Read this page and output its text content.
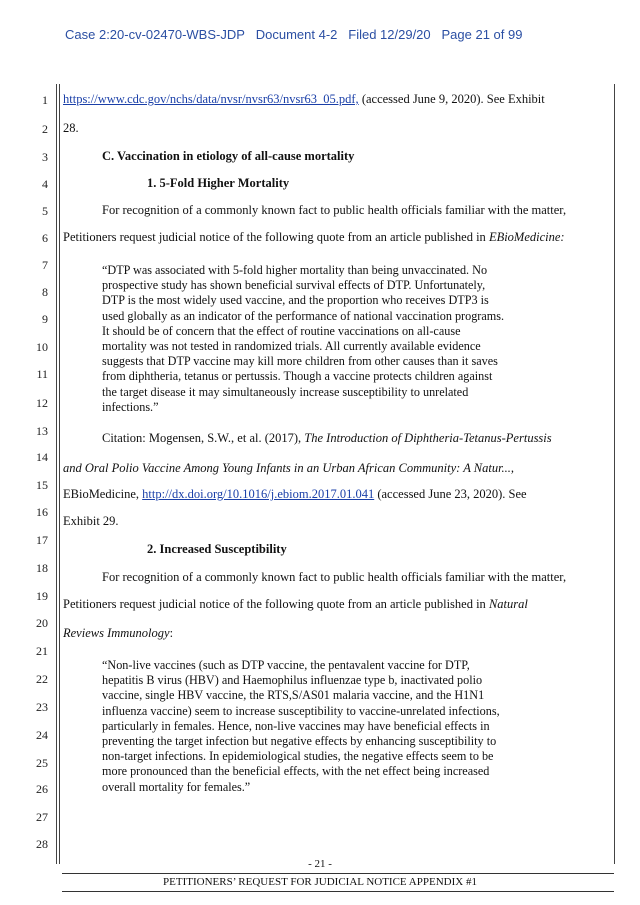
Case 2:20-cv-02470-WBS-JDP Document 4-2 Filed 12/29/20 Page 21 of 99
1
2
3
4
5
6
7
8
9
10
11
12
13
14
15
16
17
18
19
20
21
22
23
24
25
26
27
28
https://www.cdc.gov/nchs/data/nvsr/nvsr63/nvsr63_05.pdf, (accessed June 9, 2020). See Exhibit
28.
C. Vaccination in etiology of all-cause mortality
1. 5-Fold Higher Mortality
For recognition of a commonly known fact to public health officials familiar with the matter,
Petitioners request judicial notice of the following quote from an article published in EBioMedicine:
“DTP was associated with 5-fold higher mortality than being unvaccinated. No
prospective study has shown beneficial survival effects of DTP. Unfortunately,
DTP is the most widely used vaccine, and the proportion who receives DTP3 is
used globally as an indicator of the performance of national vaccination programs.
It should be of concern that the effect of routine vaccinations on all-cause
mortality was not tested in randomized trials. All currently available evidence
suggests that DTP vaccine may kill more children from other causes than it saves
from diphtheria, tetanus or pertussis. Though a vaccine protects children against
the target disease it may simultaneously increase susceptibility to unrelated
infections.”
Citation: Mogensen, S.W., et al. (2017), The Introduction of Diphtheria-Tetanus-Pertussis
and Oral Polio Vaccine Among Young Infants in an Urban African Community: A Natur...,
EBioMedicine, http://dx.doi.org/10.1016/j.ebiom.2017.01.041 (accessed June 23, 2020). See
Exhibit 29.
2. Increased Susceptibility
For recognition of a commonly known fact to public health officials familiar with the matter,
Petitioners request judicial notice of the following quote from an article published in Natural
Reviews Immunology:
“Non-live vaccines (such as DTP vaccine, the pentavalent vaccine for DTP,
hepatitis B virus (HBV) and Haemophilus influenzae type b, inactivated polio
vaccine, single HBV vaccine, the RTS,S/AS01 malaria vaccine, and the H1N1
influenza vaccine) seem to increase susceptibility to vaccine-unrelated infections,
particularly in females. Hence, non-live vaccines may have beneficial effects in
preventing the target infection but negative effects by enhancing susceptibility to
non-target infections. In epidemiological studies, the negative effects seem to be
more pronounced than the beneficial effects, with the net effect being increased
overall mortality for females.”
- 21 -
PETITIONERS’ REQUEST FOR JUDICIAL NOTICE APPENDIX #1
